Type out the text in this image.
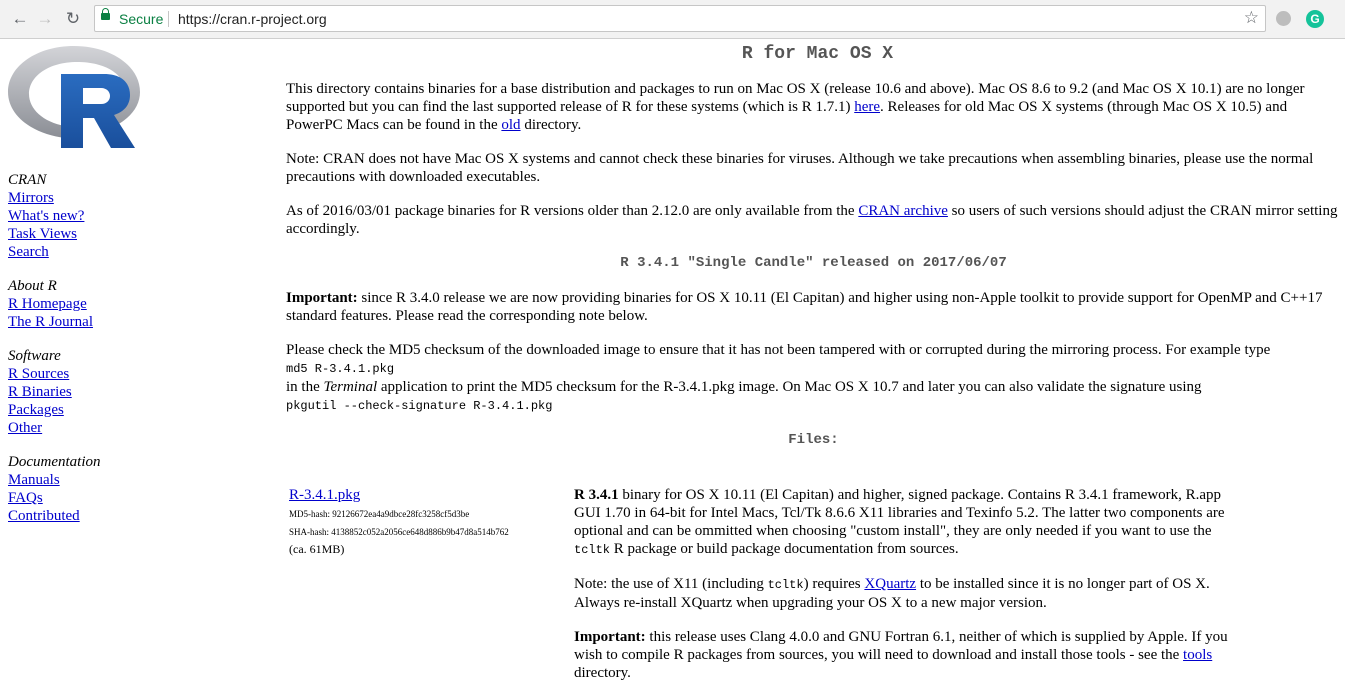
← → ↻	Secure https://cran.r-project.org	☆	G
CRAN
Mirrors
What's new?
Task Views
Search
About R
R Homepage
The R Journal
Software
R Sources
R Binaries
Packages
Other
Documentation
Manuals
FAQs
Contributed
R for Mac OS X

This directory contains binaries for a base distribution and packages to run on Mac OS X (release 10.6 and above). Mac OS 8.6 to 9.2 (and Mac OS X 10.1) are no longer supported but you can find the last supported release of R for these systems (which is R 1.7.1) here. Releases for old Mac OS X systems (through Mac OS X 10.5) and PowerPC Macs can be found in the old directory.

Note: CRAN does not have Mac OS X systems and cannot check these binaries for viruses. Although we take precautions when assembling binaries, please use the normal precautions with downloaded executables.

As of 2016/03/01 package binaries for R versions older than 2.12.0 are only available from the CRAN archive so users of such versions should adjust the CRAN mirror setting accordingly.

R 3.4.1 "Single Candle" released on 2017/06/07

Important: since R 3.4.0 release we are now providing binaries for OS X 10.11 (El Capitan) and higher using non-Apple toolkit to provide support for OpenMP and C++17 standard features. Please read the corresponding note below.

Please check the MD5 checksum of the downloaded image to ensure that it has not been tampered with or corrupted during the mirroring process. For example type
md5 R-3.4.1.pkg
in the Terminal application to print the MD5 checksum for the R-3.4.1.pkg image. On Mac OS X 10.7 and later you can also validate the signature using
pkgutil --check-signature R-3.4.1.pkg

Files:
R-3.4.1.pkg
MD5-hash: 92126672ea4a9dbce28fc3258cf5d3be
SHA-hash: 4138852c052a2056ce648d886b9b47d8a514b762
(ca. 61MB)

R 3.4.1 binary for OS X 10.11 (El Capitan) and higher, signed package. Contains R 3.4.1 framework, R.app GUI 1.70 in 64-bit for Intel Macs, Tcl/Tk 8.6.6 X11 libraries and Texinfo 5.2. The latter two components are optional and can be ommitted when choosing "custom install", they are only needed if you want to use the tcltk R package or build package documentation from sources.

Note: the use of X11 (including tcltk) requires XQuartz to be installed since it is no longer part of OS X. Always re-install XQuartz when upgrading your OS X to a new major version.

Important: this release uses Clang 4.0.0 and GNU Fortran 6.1, neither of which is supplied by Apple. If you wish to compile R packages from sources, you will need to download and install those tools - see the tools directory.
